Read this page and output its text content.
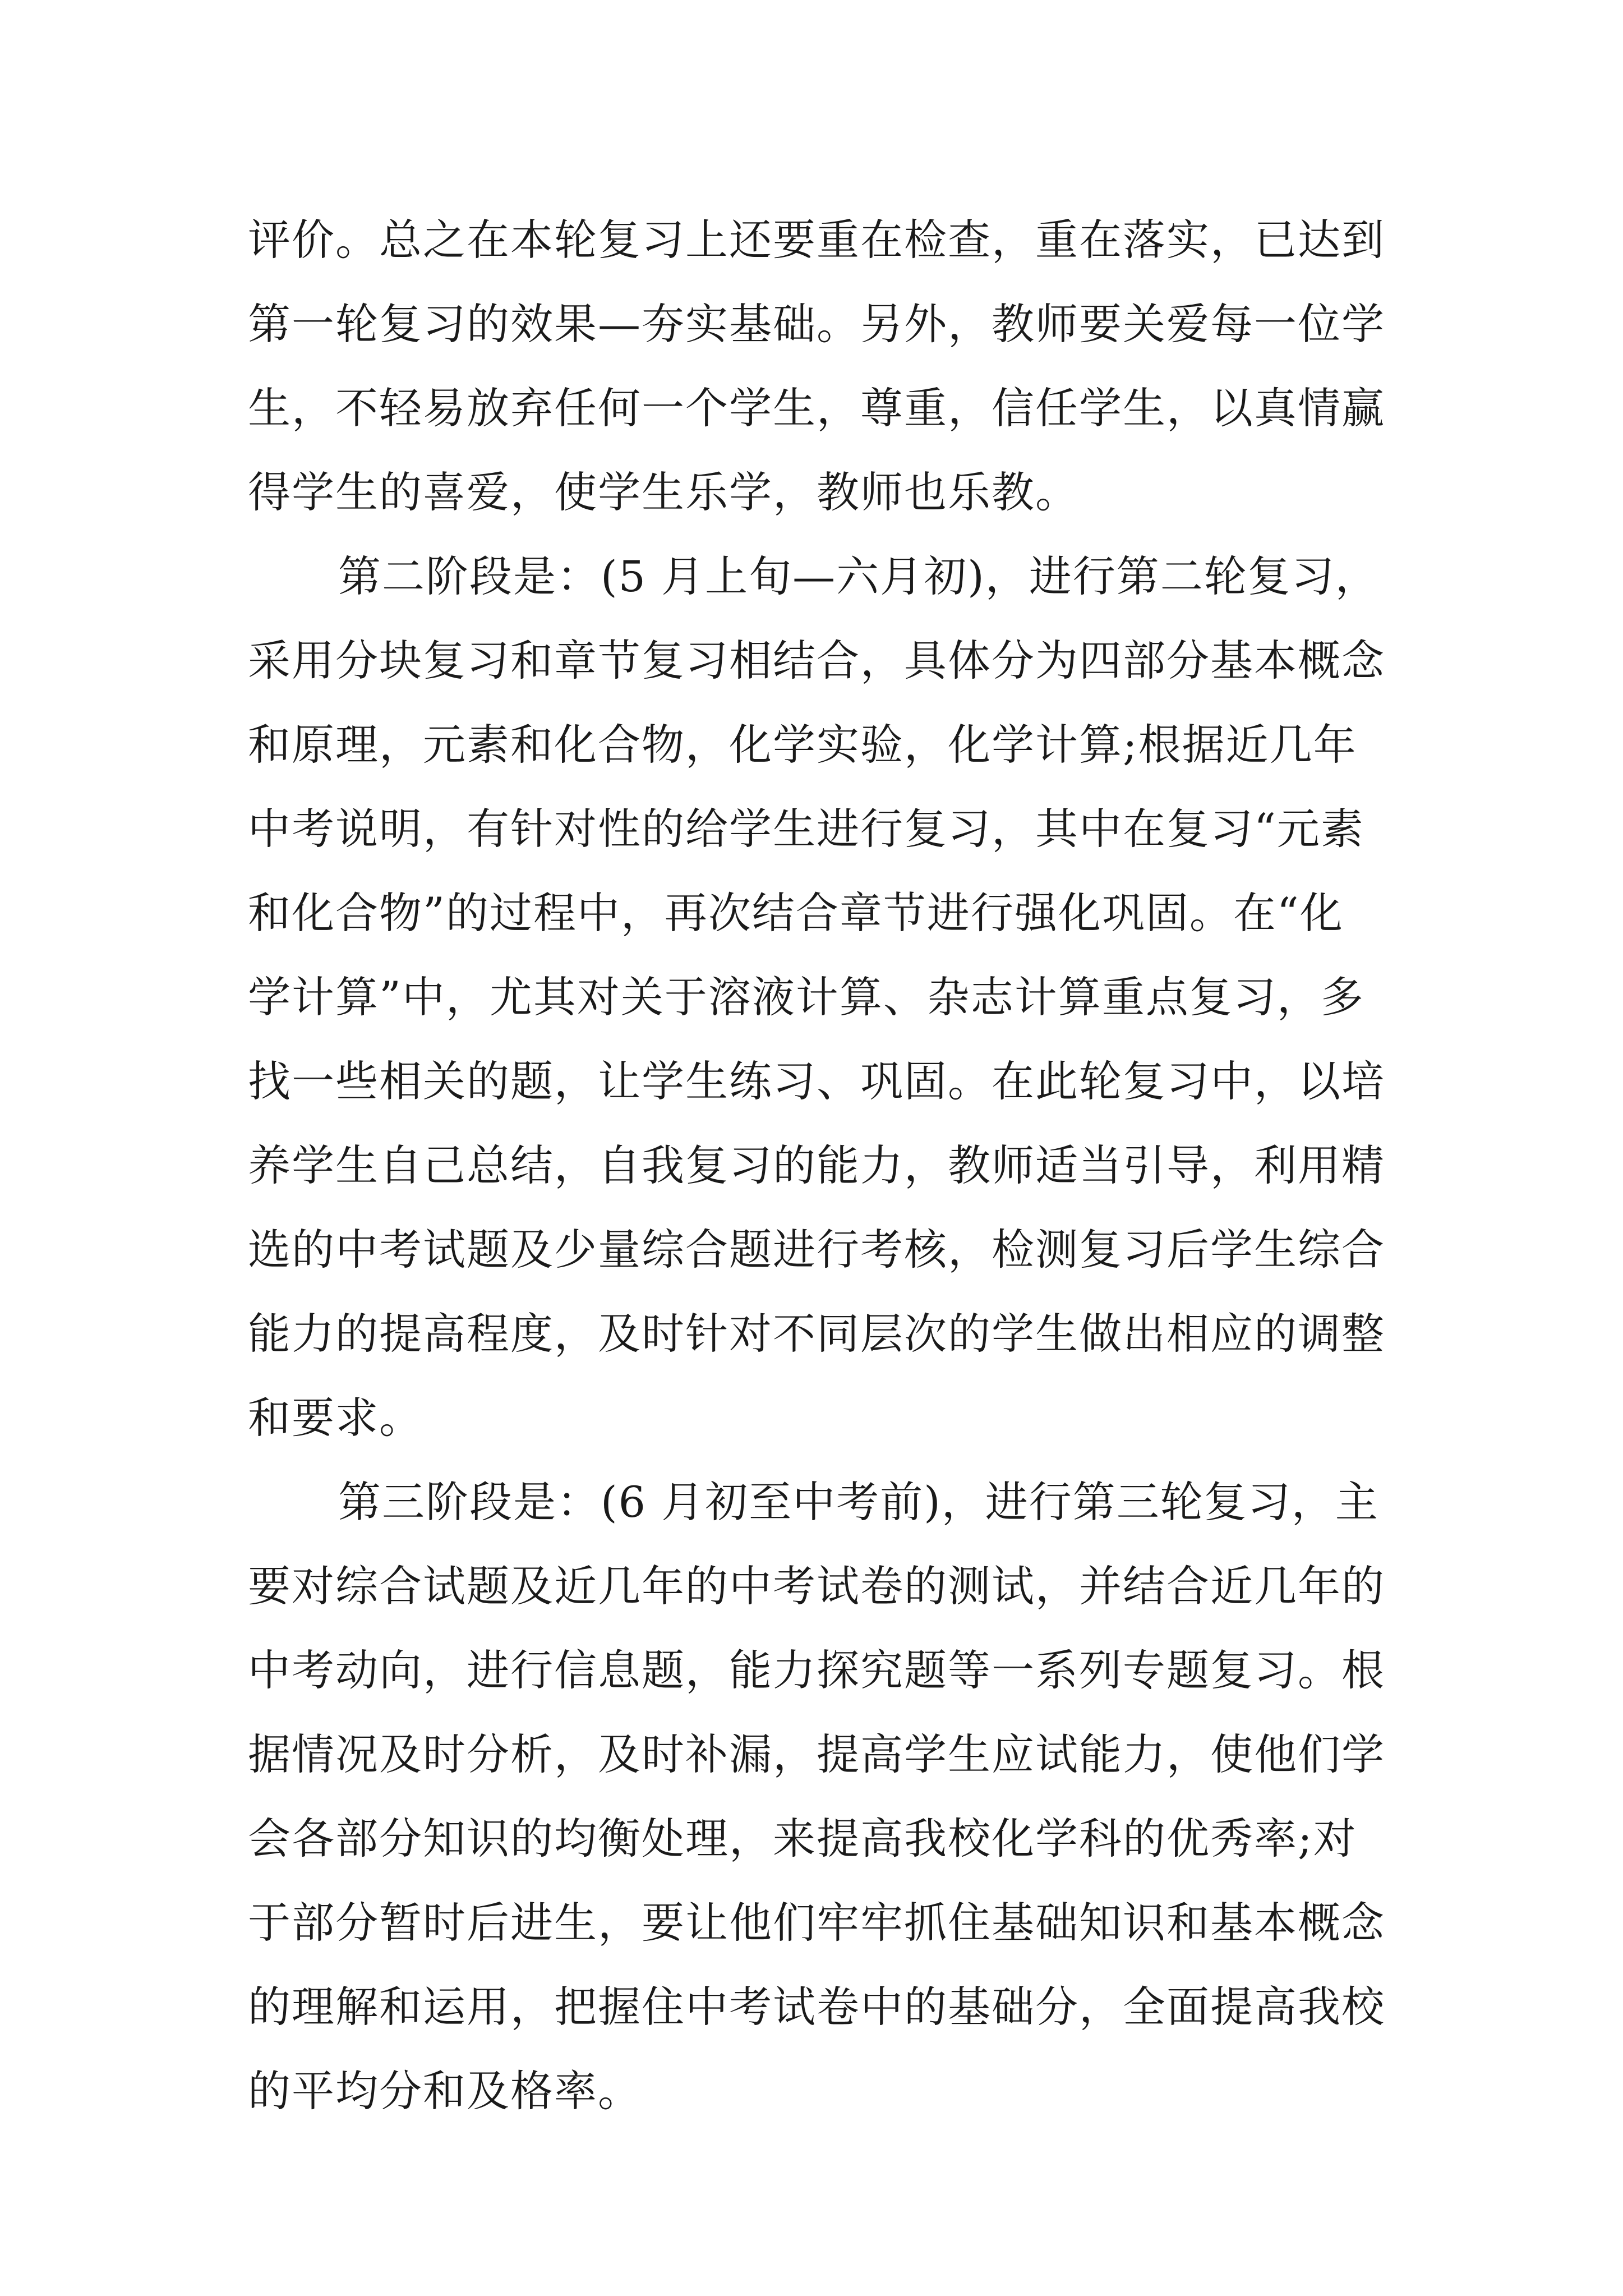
评价。总之在本轮复习上还要重在检查，重在落实，已达到
第一轮复习的效果—夯实基础。另外，教师要关爱每一位学
生，不轻易放弃任何一个学生，尊重，信任学生，以真情赢
得学生的喜爱，使学生乐学，教师也乐教。
第二阶段是：(5 月上旬—六月初)，进行第二轮复习，
采用分块复习和章节复习相结合，具体分为四部分基本概念
和原理，元素和化合物，化学实验，化学计算;根据近几年
中考说明，有针对性的给学生进行复习，其中在复习“元素
和化合物”的过程中，再次结合章节进行强化巩固。在“化
学计算”中，尤其对关于溶液计算、杂志计算重点复习，多
找一些相关的题，让学生练习、巩固。在此轮复习中，以培
养学生自己总结，自我复习的能力，教师适当引导，利用精
选的中考试题及少量综合题进行考核，检测复习后学生综合
能力的提高程度，及时针对不同层次的学生做出相应的调整
和要求。
第三阶段是：(6 月初至中考前)，进行第三轮复习，主
要对综合试题及近几年的中考试卷的测试，并结合近几年的
中考动向，进行信息题，能力探究题等一系列专题复习。根
据情况及时分析，及时补漏，提高学生应试能力，使他们学
会各部分知识的均衡处理，来提高我校化学科的优秀率;对
于部分暂时后进生，要让他们牢牢抓住基础知识和基本概念
的理解和运用，把握住中考试卷中的基础分，全面提高我校
的平均分和及格率。
